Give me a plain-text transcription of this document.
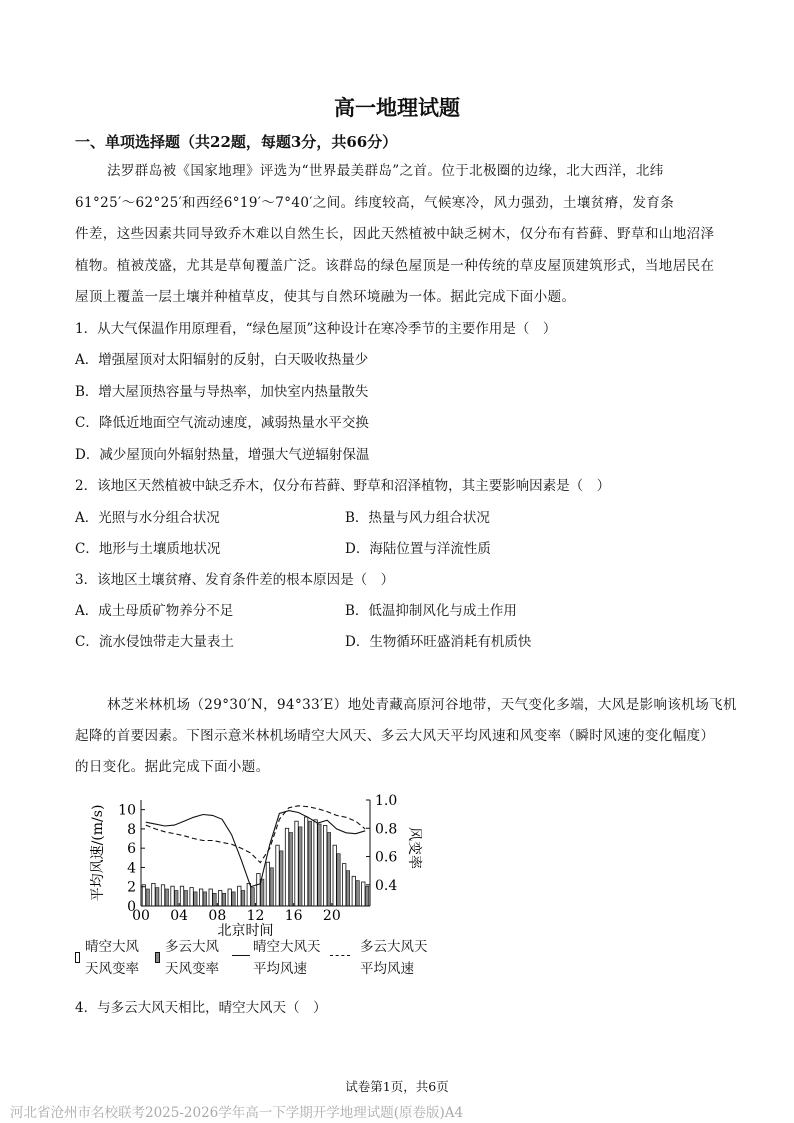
高一地理试题
一、单项选择题（共22题，每题3分，共66分）
法罗群岛被《国家地理》评选为“世界最美群岛”之首。位于北极圈的边缘，北大西洋，北纬
61°25′～62°25′和西经6°19′～7°40′之间。纬度较高，气候寒冷，风力强劲，土壤贫瘠，发育条
件差，这些因素共同导致乔木难以自然生长，因此天然植被中缺乏树木，仅分布有苔藓、野草和山地沼泽
植物。植被茂盛，尤其是草甸覆盖广泛。该群岛的绿色屋顶是一种传统的草皮屋顶建筑形式，当地居民在
屋顶上覆盖一层土壤并种植草皮，使其与自然环境融为一体。据此完成下面小题。
1．从大气保温作用原理看，“绿色屋顶”这种设计在寒冷季节的主要作用是（　）
A．增强屋顶对太阳辐射的反射，白天吸收热量少
B．增大屋顶热容量与导热率，加快室内热量散失
C．降低近地面空气流动速度，减弱热量水平交换
D．减少屋顶向外辐射热量，增强大气逆辐射保温
2．该地区天然植被中缺乏乔木，仅分布苔藓、野草和沼泽植物，其主要影响因素是（　）
A．光照与水分组合状况	B．热量与风力组合状况
C．地形与土壤质地状况	D．海陆位置与洋流性质
3．该地区土壤贫瘠、发育条件差的根本原因是（　）
A．成土母质矿物养分不足	B．低温抑制风化与成土作用
C．流水侵蚀带走大量表土	D．生物循环旺盛消耗有机质快
林芝米林机场（29°30′N，94°33′E）地处青藏高原河谷地带，天气变化多端，大风是影响该机场飞机
起降的首要因素。下图示意米林机场晴空大风天、多云大风天平均风速和风变率（瞬时风速的变化幅度）
的日变化。据此完成下面小题。
0
2
4
6
8
10
0.4
0.6
0.8
1.0
00 04 08 12 16 20
北京时间
平均风速/(m/s)	风变率
晴空大风
天风变率
多云大风
天风变率
晴空大风天
平均风速
多云大风天
平均风速
4．与多云大风天相比，晴空大风天（　）
试卷第1页，共6页
河北省沧州市名校联考2025-2026学年高一下学期开学地理试题(原卷版)A4
